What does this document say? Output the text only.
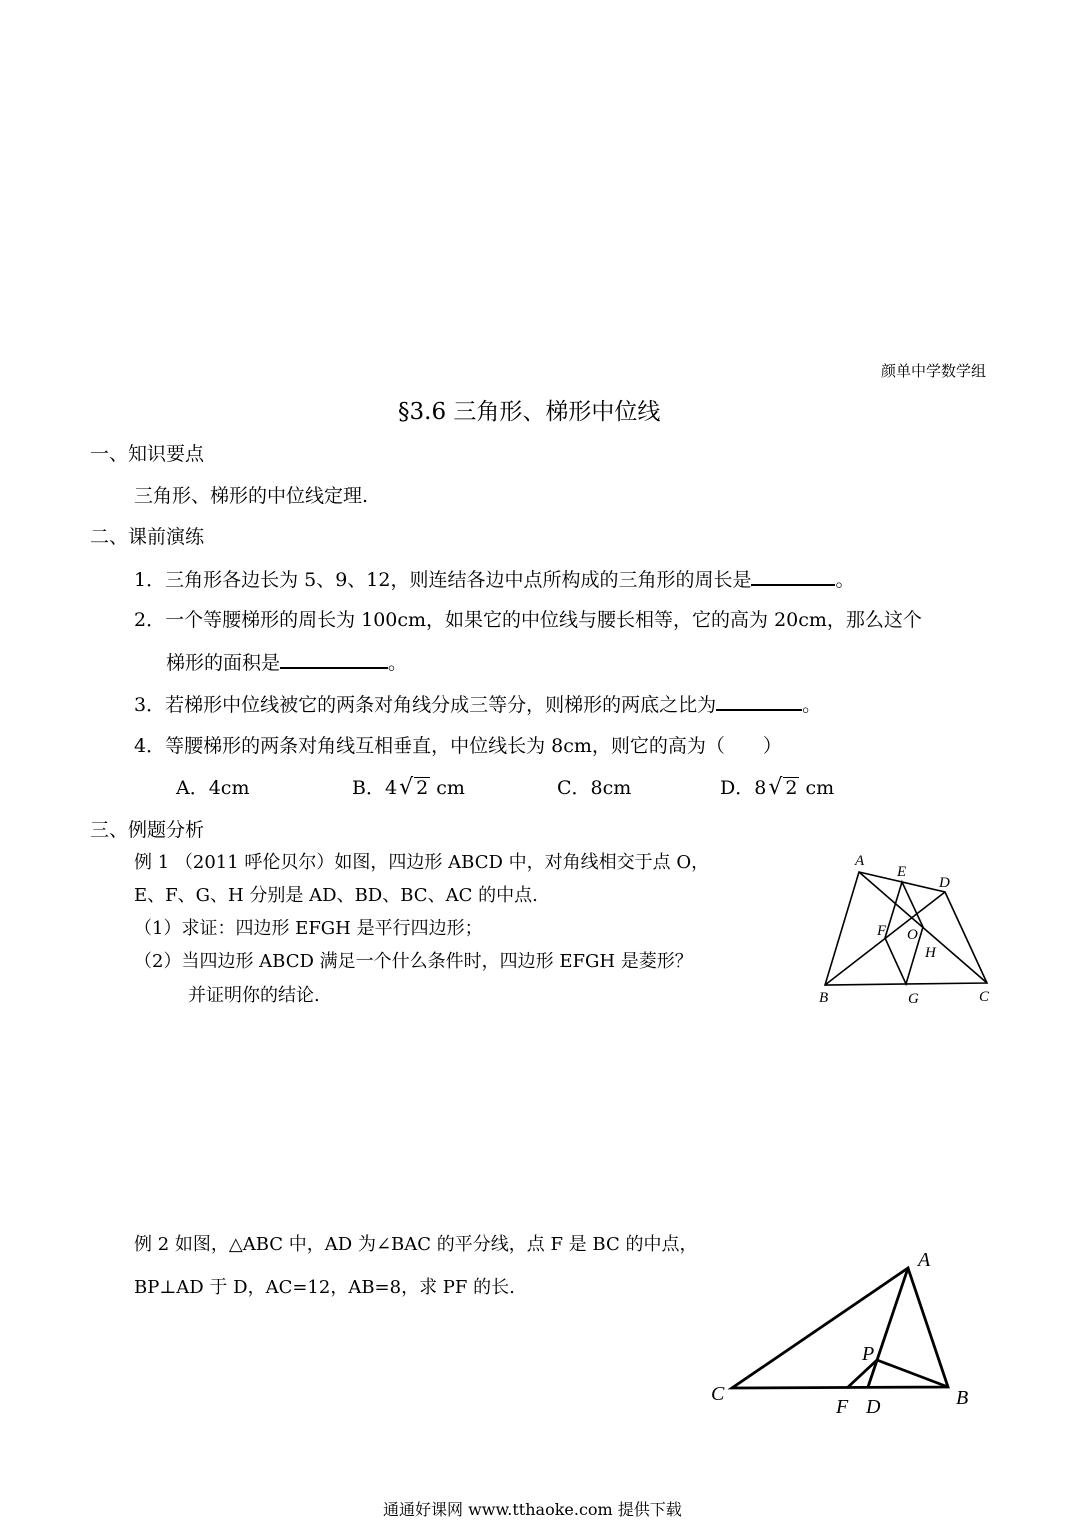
颜单中学数学组
§3.6 三角形、梯形中位线
一、知识要点
三角形、梯形的中位线定理.
二、课前演练
1．三角形各边长为 5、9、12，则连结各边中点所构成的三角形的周长是	。
2．一个等腰梯形的周长为 100cm，如果它的中位线与腰长相等，它的高为 20cm，那么这个
梯形的面积是	。
3．若梯形中位线被它的两条对角线分成三等分，则梯形的两底之比为	。
4．等腰梯形的两条对角线互相垂直，中位线长为 8cm，则它的高为（　　）
A．4cm	B．4√ 2 cm	C．8cm	D．8√ 2 cm
三、例题分析
例 1 （2011 呼伦贝尔）如图，四边形 ABCD 中，对角线相交于点 O，
E、F、G、H 分别是 AD、BD、BC、AC 的中点.
（1）求证：四边形 EFGH 是平行四边形；
（2）当四边形 ABCD 满足一个什么条件时，四边形 EFGH 是菱形？
并证明你的结论.
A
E
D
F O
H
B	G	C
例 2 如图，△ABC 中，AD 为∠BAC 的平分线，点 F 是 BC 的中点，
BP⊥AD 于 D，AC=12，AB=8，求 PF 的长.
A
P
C
F D	B
通通好课网 www.tthaoke.com 提供下载
